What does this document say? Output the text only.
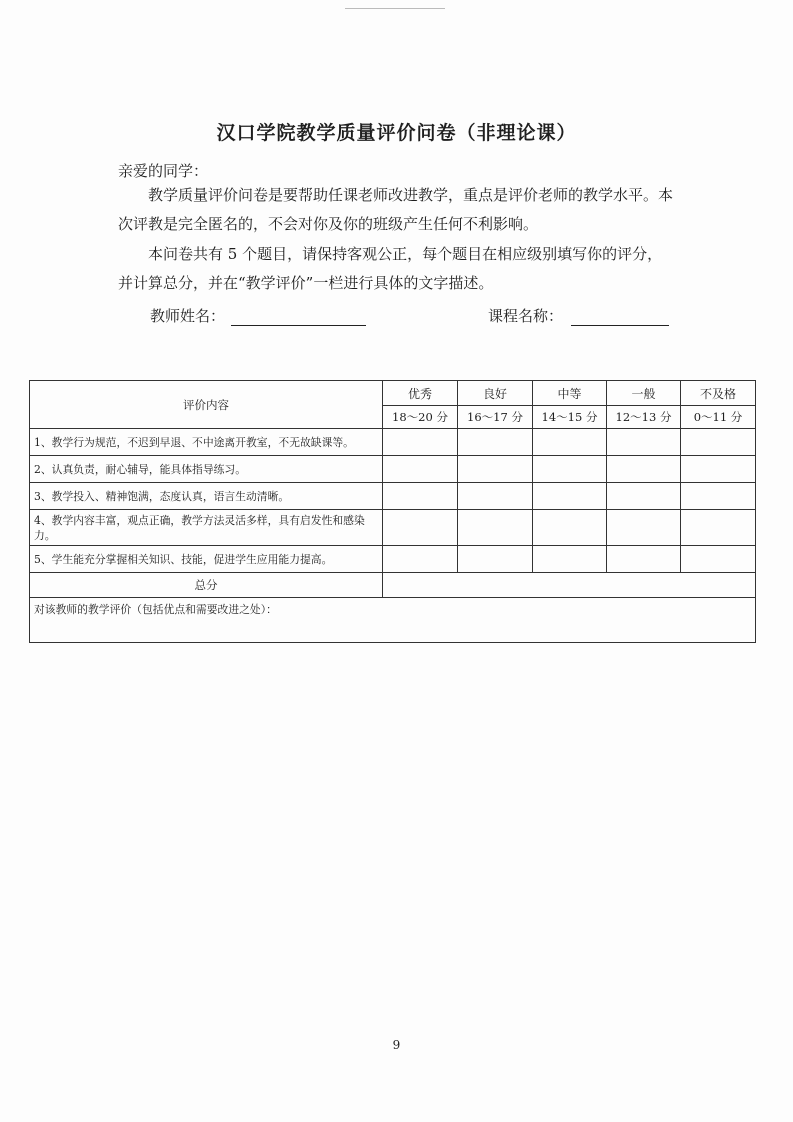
汉口学院教学质量评价问卷（非理论课）
亲爱的同学：
教学质量评价问卷是要帮助任课老师改进教学，重点是评价老师的教学水平。本次评教是完全匿名的，不会对你及你的班级产生任何不利影响。
本问卷共有 5 个题目，请保持客观公正，每个题目在相应级别填写你的评分，并计算总分，并在“教学评价”一栏进行具体的文字描述。
教师姓名：	课程名称：
评价内容	优秀	良好	中等	一般	不及格
	18～20 分	16～17 分	14～15 分	12～13 分	0～11 分
1、教学行为规范，不迟到早退、不中途离开教室，不无故缺课等。					
2、认真负责，耐心辅导，能具体指导练习。					
3、教学投入、精神饱满，态度认真，语言生动清晰。					
4、教学内容丰富，观点正确，教学方法灵活多样，具有启发性和感染力。					
5、学生能充分掌握相关知识、技能，促进学生应用能力提高。					
总分					
对该教师的教学评价（包括优点和需要改进之处）：					
9
